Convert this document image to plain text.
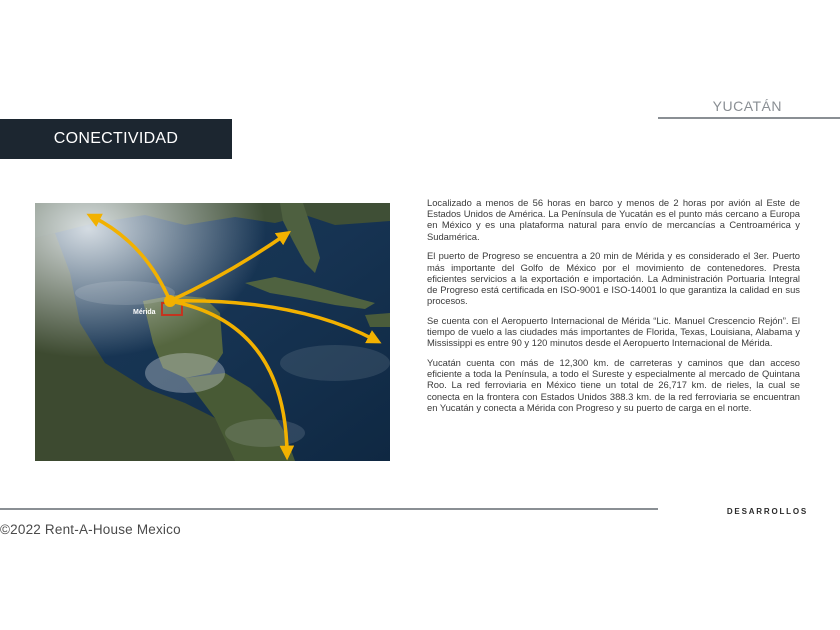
YUCATÁN
CONECTIVIDAD
Mérida

Localizado a menos de 56 horas en barco y menos de 2 horas por avión al Este de Estados Unidos de América. La Península de Yucatán es el punto más cercano a Europa en México y es una plataforma natural para envío de mercancías a Centroamérica y Sudamérica.

El puerto de Progreso se encuentra a 20 min de Mérida y es considerado el 3er. Puerto más importante del Golfo de México por el movimiento de contenedores. Presta eficientes servicios a la exportación e importación. La Administración Portuaria Integral de Progreso está certificada en ISO-9001 e ISO-14001 lo que garantiza la calidad en sus procesos.

Se cuenta con el Aeropuerto Internacional de Mérida “Lic. Manuel Crescencio Rejón”. El tiempo de vuelo a las ciudades más importantes de Florida, Texas, Louisiana, Alabama y Mississippi es entre 90 y 120 minutos desde el Aeropuerto Internacional de Mérida.

Yucatán cuenta con más de 12,300 km. de carreteras y caminos que dan acceso eficiente a toda la Península, a todo el Sureste y especialmente al mercado de Quintana Roo. La red ferroviaria en México tiene un total de 26,717 km. de rieles, la cual se conecta en la frontera con Estados Unidos 388.3 km. de la red ferroviaria se encuentran en Yucatán y conecta a Mérida con Progreso y su puerto de carga en el norte.

DESARROLLOS
©2022 Rent-A-House Mexico
